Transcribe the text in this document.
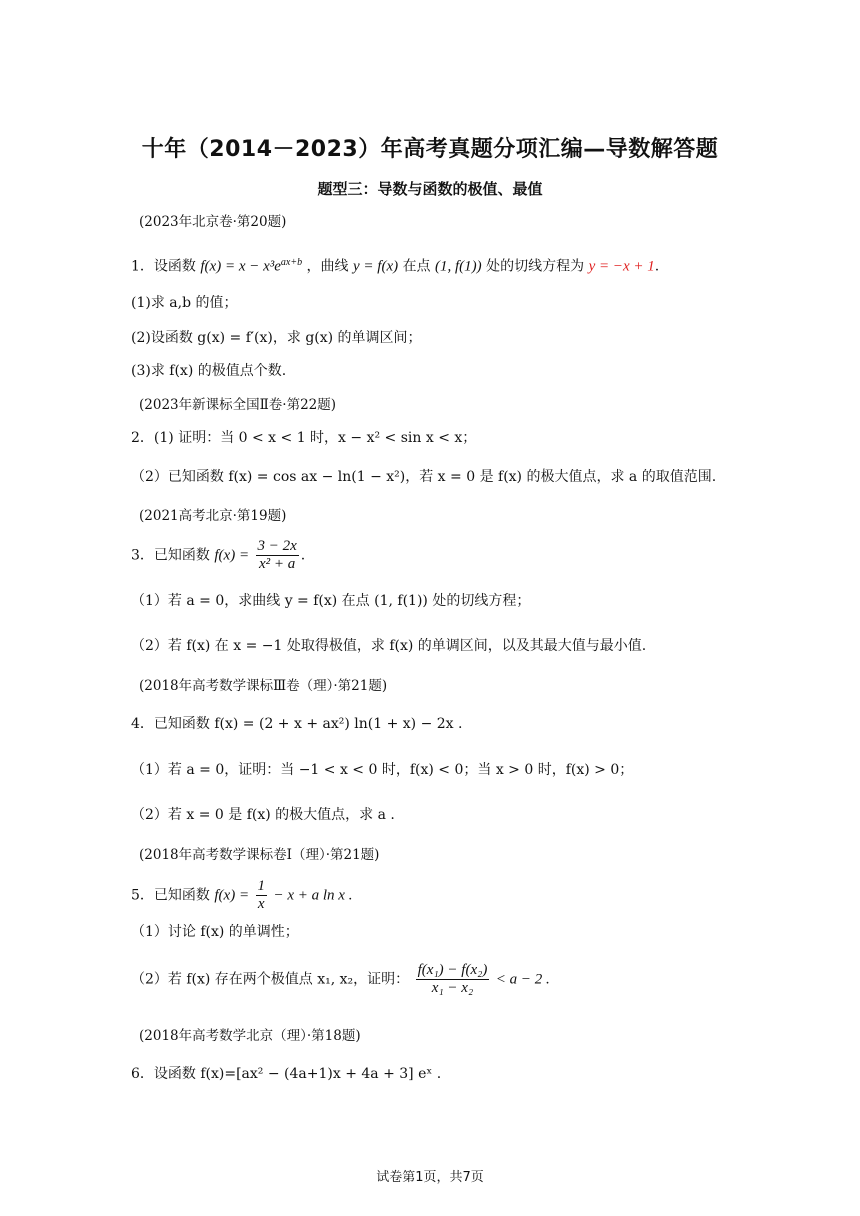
十年（2014－2023）年高考真题分项汇编—导数解答题
题型三：导数与函数的极值、最值
(2023年北京卷·第20题)
1．设函数 $f(x) = x - x^3e^{ax+b}$ ，曲线 y = f(x) 在点 (1, f(1)) 处的切线方程为 y = −x + 1.
(1)求 a,b 的值；
(2)设函数 g(x) = f′(x)，求 g(x) 的单调区间；
(3)求 f(x) 的极值点个数.
(2023年新课标全国Ⅱ卷·第22题)
2．(1) 证明：当 0 < x < 1 时，x − x² < sin x < x；
（2）已知函数 f(x) = cos ax − ln(1 − x²)，若 x = 0 是 f(x) 的极大值点，求 a 的取值范围.
(2021高考北京·第19题)
3．已知函数 $f(x) = \frac{3 - 2x}{\text{x² + a}}$ .
（1）若 a = 0，求曲线 y = f(x) 在点 (1, f(1)) 处的切线方程；
（2）若 f(x) 在 x = −1 处取得极值，求 f(x) 的单调区间，以及其最大值与最小值.
(2018年高考数学课标Ⅲ卷（理）·第21题)
4．已知函数 f(x) = (2 + x + ax²) ln(1 + x) − 2x .
（1）若 a = 0，证明：当 −1 < x < 0 时，f(x) < 0；当 x > 0 时，f(x) > 0；
（2）若 x = 0 是 f(x) 的极大值点，求 a .
(2018年高考数学课标卷Ⅰ（理）·第21题)
5．已知函数 $f(x) = \frac{1}{x} - x + a$ ln x .
（1）讨论 f(x) 的单调性；
（2）若 f(x) 存在两个极值点 x₁, x₂，证明： $\frac{\text{f(x₁) − f(x₂)}}{\text{x₁ − x₂}} < a - 2$ .
(2018年高考数学北京（理）·第18题)
6．设函数 f(x)=[ax² − (4a+1)x + 4a + 3] eˣ .
试卷第1页，共7页
